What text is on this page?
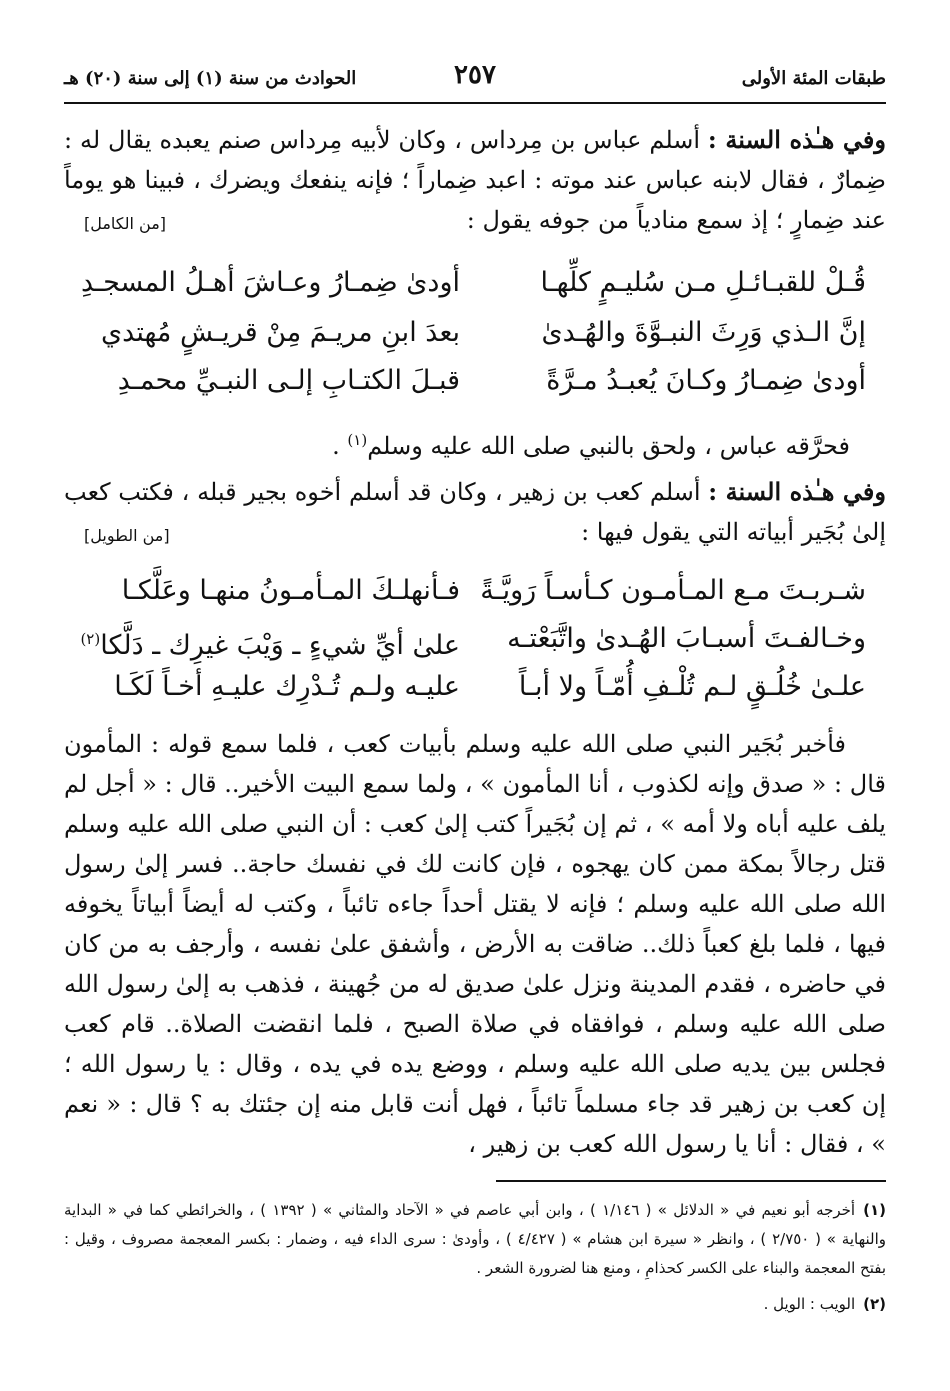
طبقات المئة الأولى
٢٥٧
الحوادث من سنة (١) إلى سنة (٢٠) هـ
وفي هـٰذه السنة : أسلم عباس بن مِرداس ، وكان لأبيه مِرداس صنم يعبده يقال له : ضِمارٌ ، فقال لابنه عباس عند موته : اعبد ضِماراً ؛ فإنه ينفعك ويضرك ، فبينا هو يوماً عند ضِمارٍ ؛ إذ سمع منادياً من جوفه يقول :
[من الكامل]
قُـلْ للقبـائـلِ مـن سُليـمٍ كلِّهـا
أودىٰ ضِمـارُ وعـاشَ أهـلُ المسجـدِ
إنَّ الـذي وَرِثَ النبـوَّةَ والهُـدىٰ
بعدَ ابنِ مريـمَ مِنْ قريـشٍ مُهتدي
أودىٰ ضِمـارُ وكـانَ يُعبـدُ مـرَّةً
قبـلَ الكتـابِ إلـى النبـيِّ محمـدِ
فحرَّقه عباس ، ولحق بالنبي صلى الله عليه وسلم$^{(١)}$ .
وفي هـٰذه السنة : أسلم كعب بن زهير ، وكان قد أسلم أخوه بجير قبله ، فكتب كعب إلىٰ بُجَير أبياته التي يقول فيها :
[من الطويل]
شـربـتَ مـع المـأمـون كـأسـاً رَويَّـةً
فـأنهلـكَ المـأمـونُ منهـا وعَلَّكـا
وخـالفـتَ أسبـابَ الهُـدىٰ واتَّبَعْتـه
علىٰ أيِّ شيءٍ ـ وَيْبَ غيرِك ـ دَلَّكا$^{(٢)}$
علـىٰ خُلُـقٍ لـم تُلْـفِ أُمّـاً ولا أبـاً
عليـه ولـم تُـدْرِك عليـهِ أخـاً لَكَـا
فأخبر بُجَير النبي صلى الله عليه وسلم بأبيات كعب ، فلما سمع قوله : المأمون قال : « صدق وإنه لكذوب ، أنا المأمون » ، ولما سمع البيت الأخير.. قال : « أجل لم يلف عليه أباه ولا أمه » ، ثم إن بُجَيراً كتب إلىٰ كعب : أن النبي صلى الله عليه وسلم قتل رجالاً بمكة ممن كان يهجوه ، فإن كانت لك في نفسك حاجة.. فسر إلىٰ رسول الله صلى الله عليه وسلم ؛ فإنه لا يقتل أحداً جاءه تائباً ، وكتب له أيضاً أبياتاً يخوفه فيها ، فلما بلغ كعباً ذلك.. ضاقت به الأرض ، وأشفق علىٰ نفسه ، وأرجف به من كان في حاضره ، فقدم المدينة ونزل علىٰ صديق له من جُهينة ، فذهب به إلىٰ رسول الله صلى الله عليه وسلم ، فوافقاه في صلاة الصبح ، فلما انقضت الصلاة.. قام كعب فجلس بين يديه صلى الله عليه وسلم ، ووضع يده في يده ، وقال : يا رسول الله ؛ إن كعب بن زهير قد جاء مسلماً تائباً ، فهل أنت قابل منه إن جئتك به ؟ قال : « نعم » ، فقال : أنا يا رسول الله كعب بن زهير ،
(١)أخرجه أبو نعيم في « الدلائل » ( ١/١٤٦ ) ، وابن أبي عاصم في « الآحاد والمثاني » ( ١٣٩٢ ) ، والخرائطي كما في « البداية والنهاية » ( ٢/٧٥٠ ) ، وانظر « سيرة ابن هشام » ( ٤/٤٢٧ ) ، وأودىٰ : سرى الداء فيه ، وضمار : بكسر المعجمة مصروف ، وقيل : بفتح المعجمة والبناء على الكسر كحذامِ ، ومنع هنا لضرورة الشعر .
(٢)الويب : الويل .
